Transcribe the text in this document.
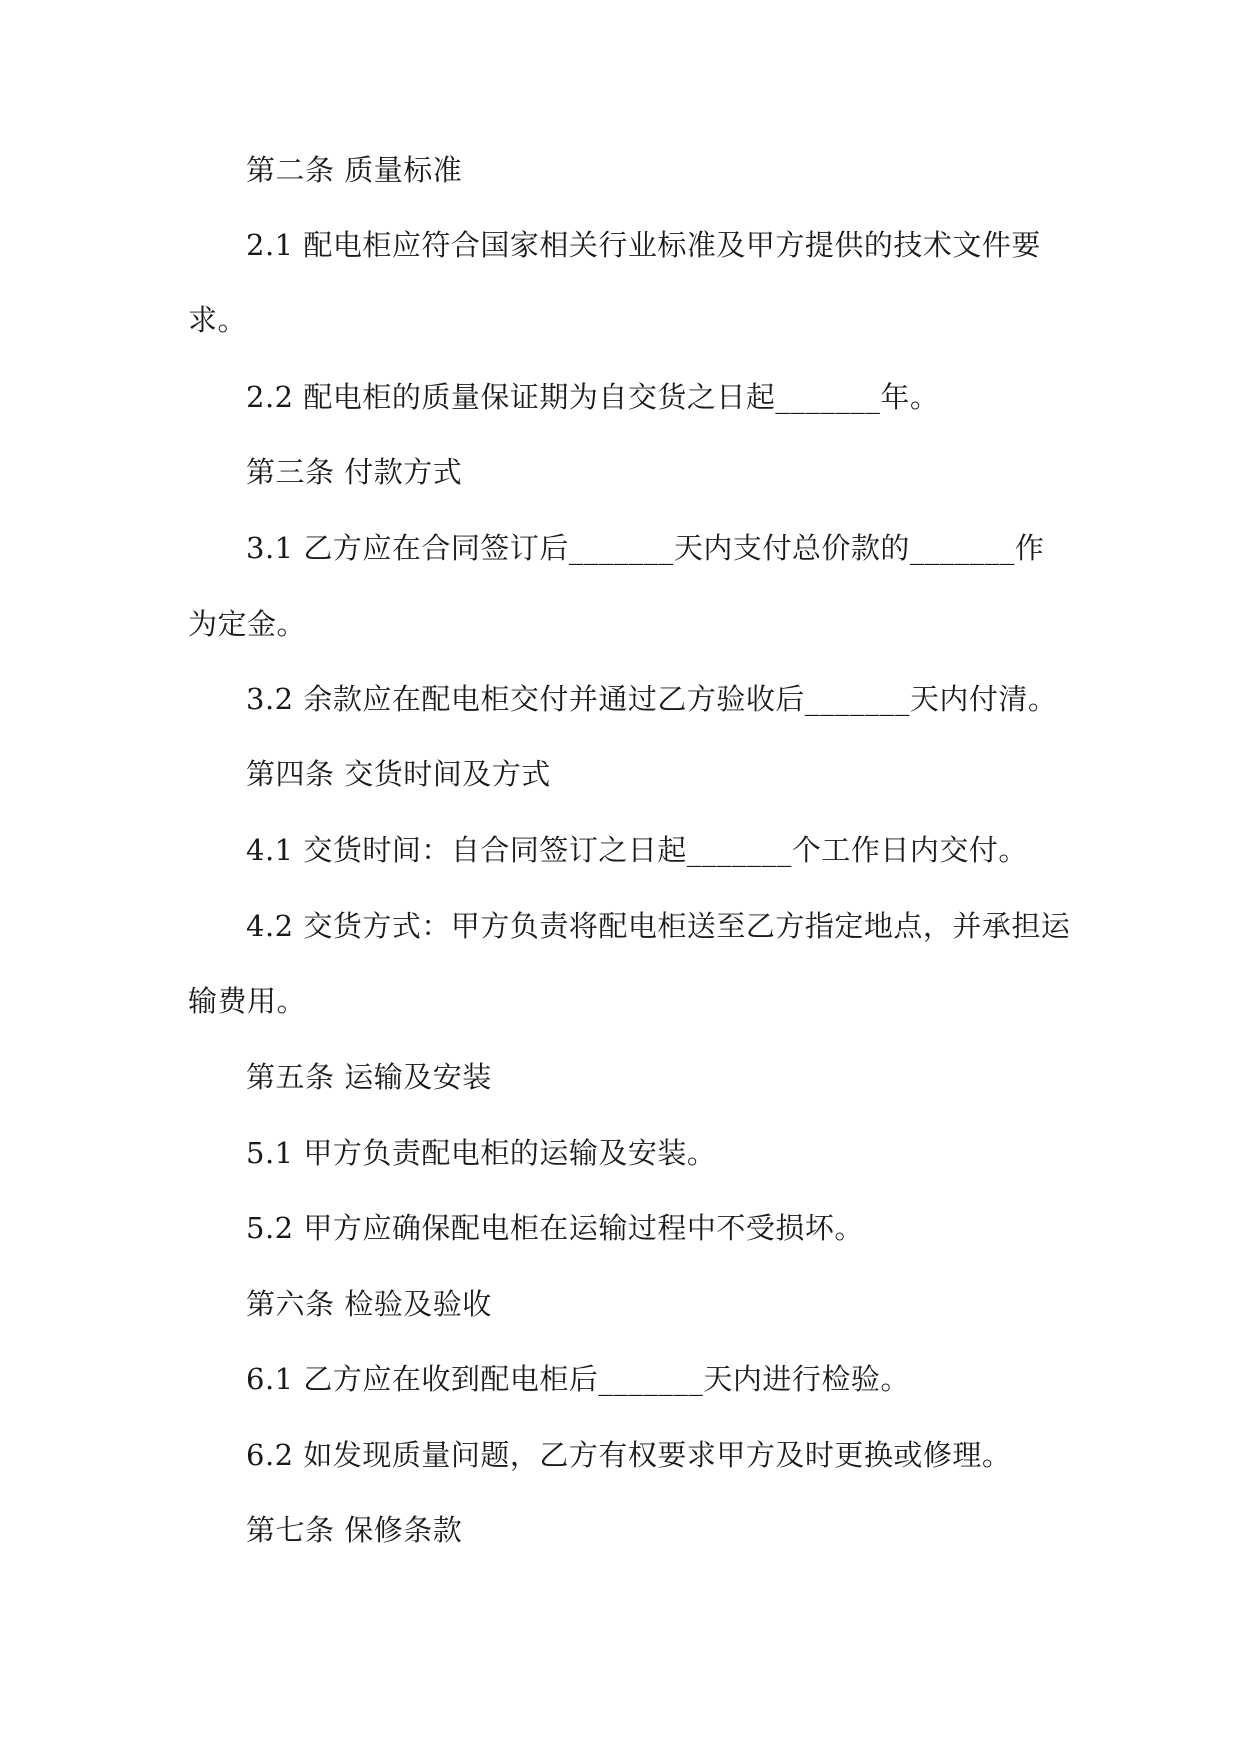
第二条 质量标准
2.1 配电柜应符合国家相关行业标准及甲方提供的技术文件要
求。
2.2 配电柜的质量保证期为自交货之日起_______年。
第三条 付款方式
3.1 乙方应在合同签订后_______天内支付总价款的_______作
为定金。
3.2 余款应在配电柜交付并通过乙方验收后_______天内付清。
第四条 交货时间及方式
4.1 交货时间：自合同签订之日起_______个工作日内交付。
4.2 交货方式：甲方负责将配电柜送至乙方指定地点，并承担运
输费用。
第五条 运输及安装
5.1 甲方负责配电柜的运输及安装。
5.2 甲方应确保配电柜在运输过程中不受损坏。
第六条 检验及验收
6.1 乙方应在收到配电柜后_______天内进行检验。
6.2 如发现质量问题，乙方有权要求甲方及时更换或修理。
第七条 保修条款
